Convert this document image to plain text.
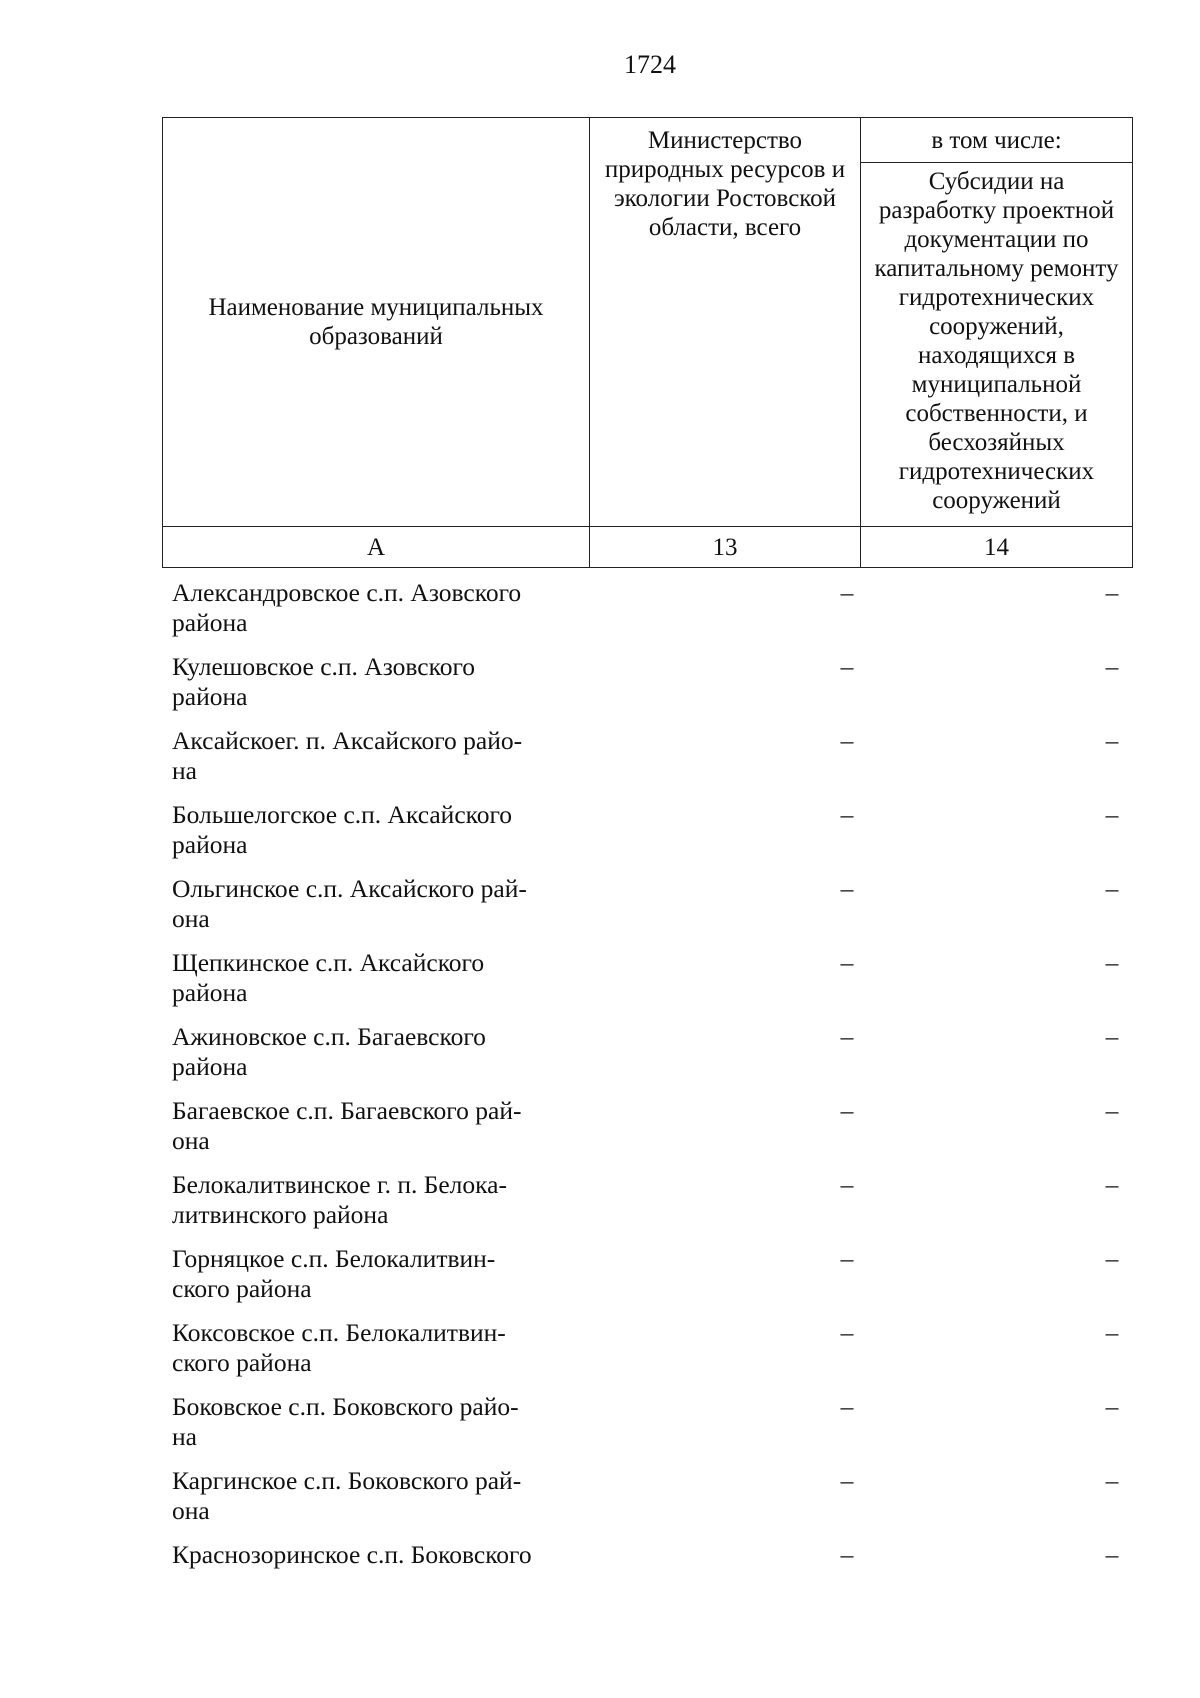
1724
Наименование муниципальных
образований	Министерство природных ресурсов и экологии Ростовской области, всего	в том числе:

		Субсидии на разработку проектной документации по капитальному ремонту гидротехнических сооружений, находящихся в муниципальной собственности, и бесхозяйных гидротехнических сооружений

А	13	14
Александровское с.п. Азовского
района
–	–
Кулешовское с.п. Азовского
района
–	–
Аксайскоег. п. Аксайского райо-
на
–	–
Большелогское с.п. Аксайского
района
–	–
Ольгинское с.п. Аксайского рай-
она
–	–
Щепкинское с.п. Аксайского
района
–	–
Ажиновское с.п. Багаевского
района
–	–
Багаевское с.п. Багаевского рай-
она
–	–
Белокалитвинское г. п. Белока-
литвинского района
–	–
Горняцкое с.п. Белокалитвин-
ского района
–	–
Коксовское с.п. Белокалитвин-
ского района
–	–
Боковское с.п. Боковского райо-
на
–	–
Каргинское с.п. Боковского рай-
она
–	–
Краснозоринское с.п. Боковского	–	–
